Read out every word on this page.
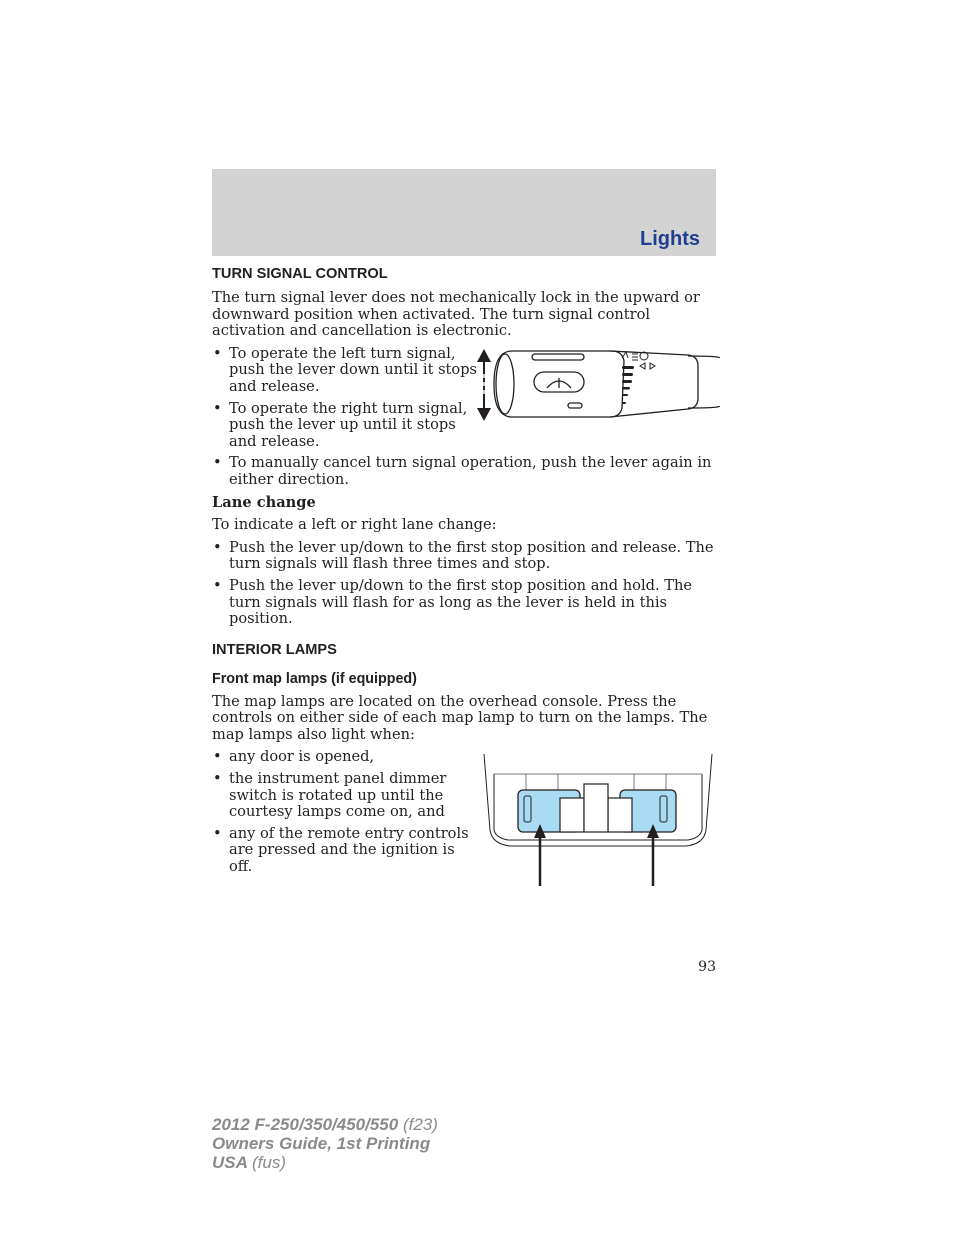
Lights
TURN SIGNAL CONTROL

The turn signal lever does not mechanically lock in the upward or downward position when activated. The turn signal control activation and cancellation is electronic.

• To operate the left turn signal, push the lever down until it stops and release.
• To operate the right turn signal, push the lever up until it stops and release.
• To manually cancel turn signal operation, push the lever again in either direction.

Lane change

To indicate a left or right lane change:

• Push the lever up/down to the first stop position and release. The turn signals will flash three times and stop.
• Push the lever up/down to the first stop position and hold. The turn signals will flash for as long as the lever is held in this position.
INTERIOR LAMPS
Front map lamps (if equipped)

The map lamps are located on the overhead console. Press the controls on either side of each map lamp to turn on the lamps. The map lamps also light when:

• any door is opened,
• the instrument panel dimmer switch is rotated up until the courtesy lamps come on, and
• any of the remote entry controls are pressed and the ignition is off.
93
2012 F-250/350/450/550 (f23)
Owners Guide, 1st Printing
USA (fus)
